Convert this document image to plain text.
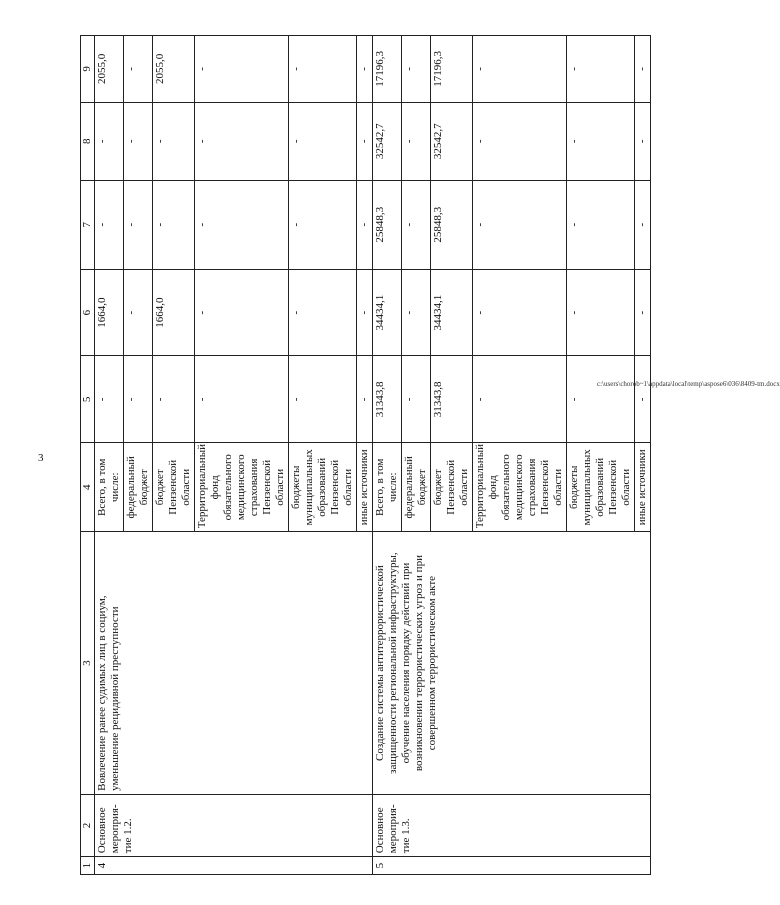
3
c:\users\chorob~1\appdata\local\temp\aspose6\036\8409-tm.docx
1	2	3	4	5	6	7	8	9
4	Основное мероприя-тие 1.2.	Вовлечение ранее судимых лиц в социум, уменьшение рецидивной преступности	Всего, в том числе:	-	1664,0	-	-	2055,0
			федеральный бюджет	-	-	-	-	-
			бюджет Пензенской области	-	1664,0	-	-	2055,0
			Территориальный фонд обязательного медицинского страхования Пензенской области	-	-	-	-	-
			бюджеты муниципальных образований Пензенской области	-	-	-	-	-
			иные источники	-	-	-	-	-
5	Основное мероприя-тие 1.3.	Создание системы антитеррористической защищенности региональной инфраструктуры, обучение населения порядку действий при возникновении террористических угроз и при совершенном террористическом акте	Всего, в том числе:	31343,8	34434,1	25848,3	32542,7	17196,3
			федеральный бюджет	-	-	-	-	-
			бюджет Пензенской области	31343,8	34434,1	25848,3	32542,7	17196,3
			Территориальный фонд обязательного медицинского страхования Пензенской области	-	-	-	-	-
			бюджеты муниципальных образований Пензенской области	-	-	-	-	-
			иные источники	-	-	-	-	-
